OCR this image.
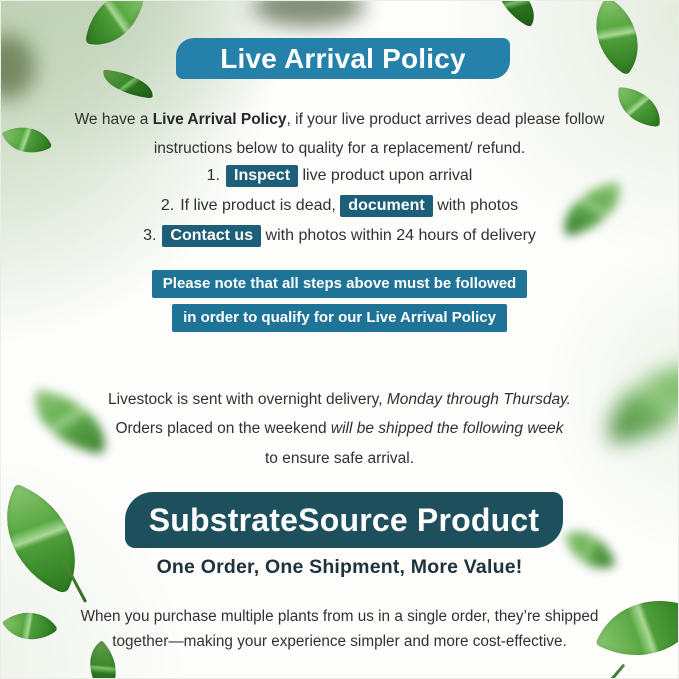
Live Arrival Policy

We have a Live Arrival Policy, if your live product arrives dead please follow
instructions below to quality for a replacement/ refund.

1. Inspect live product upon arrival
2. If live product is dead, document with photos
3. Contact us with photos within 24 hours of delivery
Please note that all steps above must be followed
in order to qualify for our Live Arrival Policy

Livestock is sent with overnight delivery, Monday through Thursday.
Orders placed on the weekend will be shipped the following week
to ensure safe arrival.

SubstrateSource Product
One Order, One Shipment, More Value!

When you purchase multiple plants from us in a single order, they’re shipped
together—making your experience simpler and more cost-effective.
